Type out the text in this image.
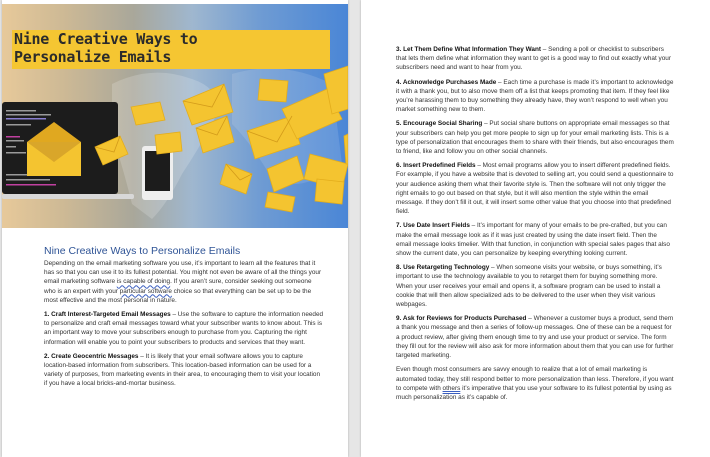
Nine Creative Ways to
Personalize Emails
Nine Creative Ways to Personalize Emails

Depending on the email marketing software you use, it’s important to learn all the features that it has so that you can use it to its fullest potential. You might not even be aware of all the things your email marketing software is capable of doing. If you aren’t sure, consider seeking out someone who is an expert with your particular software choice so that everything can be set up to be the most effective and the most personal in nature.

1. Craft Interest-Targeted Email Messages – Use the software to capture the information needed to personalize and craft email messages toward what your subscriber wants to know about. This is an important way to move your subscribers enough to purchase from you. Capturing the right information will enable you to point your subscribers to products and services that they want.

2. Create Geocentric Messages – It is likely that your email software allows you to capture location-based information from subscribers. This location-based information can be used for a variety of purposes, from marketing events in their area, to encouraging them to visit your location if you have a local bricks-and-mortar business.

3. Let Them Define What Information They Want – Sending a poll or checklist to subscribers that lets them define what information they want to get is a good way to find out exactly what your subscribers need and want to hear from you.

4. Acknowledge Purchases Made – Each time a purchase is made it’s important to acknowledge it with a thank you, but to also move them off a list that keeps promoting that item. If they feel like you’re harassing them to buy something they already have, they won’t respond to well when you market something new to them.

5. Encourage Social Sharing – Put social share buttons on appropriate email messages so that your subscribers can help you get more people to sign up for your email marketing lists. This is a type of personalization that encourages them to share with their friends, but also encourages them to friend, like and follow you on other social channels.

6. Insert Predefined Fields – Most email programs allow you to insert different predefined fields. For example, if you have a website that is devoted to selling art, you could send a questionnaire to your audience asking them what their favorite style is. Then the software will not only trigger the right emails to go out based on that style, but it will also mention the style within the email message. If they don’t fill it out, it will insert some other value that you choose into that predefined field.

7. Use Date Insert Fields – It’s important for many of your emails to be pre-crafted, but you can make the email message look as if it was just created by using the date insert field. Then the email message looks timelier. With that function, in conjunction with special sales pages that also show the current date, you can personalize by keeping everything looking current.

8. Use Retargeting Technology – When someone visits your website, or buys something, it’s important to use the technology available to you to retarget them for buying something more. When your user receives your email and opens it, a software program can be used to install a cookie that will then allow specialized ads to be delivered to the user when they visit various webpages.

9. Ask for Reviews for Products Purchased – Whenever a customer buys a product, send them a thank you message and then a series of follow-up messages. One of these can be a request for a product review, after giving them enough time to try and use your product or service. The form they fill out for the review will also ask for more information about them that you can use for further targeted marketing.

Even though most consumers are savvy enough to realize that a lot of email marketing is automated today, they still respond better to more personalization than less. Therefore, if you want to compete with others it’s imperative that you use your software to its fullest potential by using as much personalization as it’s capable of.
